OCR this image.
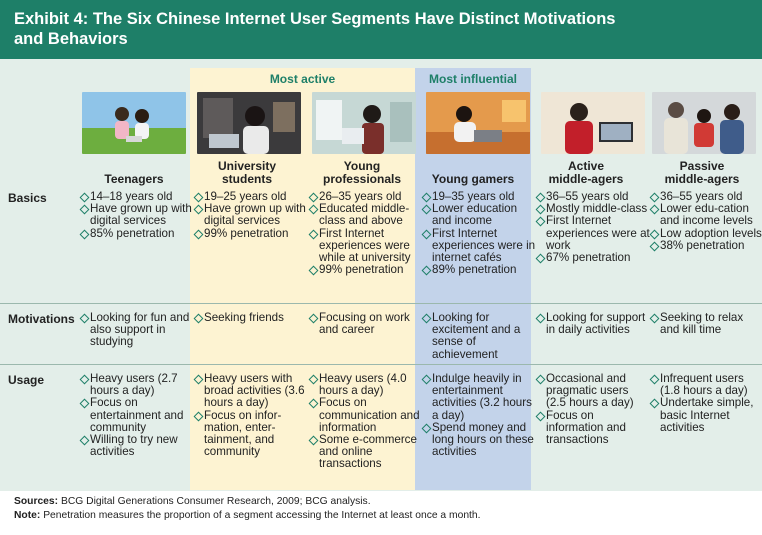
Exhibit 4: The Six Chinese Internet User Segments Have Distinct Motivations
and Behaviors
Most active	Most influential

Teenagers
University
students
Young
professionals
	Young gamers
Active
middle-agers
Passive
middle-agers
Basics
Motivations
Usage
14–18 years old
Have grown up with digital services
85% penetration
Looking for fun and also support in studying
Heavy users (2.7 hours a day)
Focus on entertainment and community
Willing to try new activities
19–25 years old
Have grown up with digital services
99% penetration
Seeking friends
Heavy users with broad activities (3.6 hours a day)
Focus on infor-mation, enter-tainment, and community
26–35 years old
Educated middle-class and above
First Internet experiences were while at university
99% penetration
Focusing on work and career
Heavy users (4.0 hours a day)
Focus on communication and information
Some e-commerce and online transactions
19–35 years old
Lower education and income
First Internet experiences were in internet cafés
89% penetration
Looking for excitement and a sense of achievement
Indulge heavily in entertainment activities (3.2 hours a day)
Spend money and long hours on these activities
36–55 years old
Mostly middle-class
First Internet experiences were at work
67% penetration
Looking for support in daily activities
Occasional and pragmatic users (2.5 hours a day)
Focus on information and transactions
36–55 years old
Lower edu-cation and income levels
Low adoption levels
38% penetration
Seeking to relax and kill time
Infrequent users (1.8 hours a day)
Undertake simple, basic Internet activities
Sources: BCG Digital Generations Consumer Research, 2009; BCG analysis.
Note: Penetration measures the proportion of a segment accessing the Internet at least once a month.
